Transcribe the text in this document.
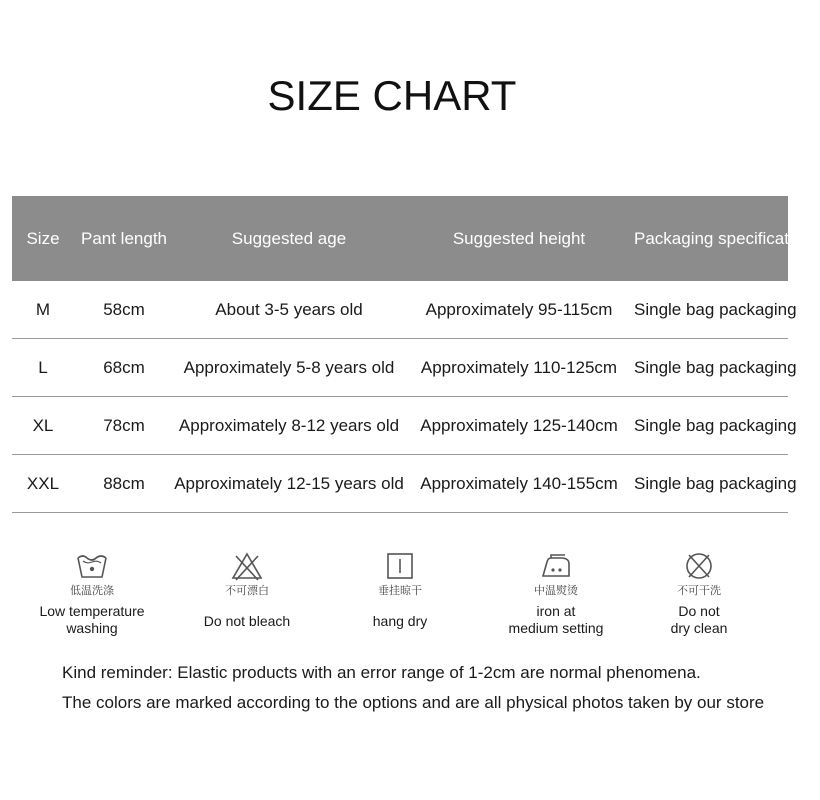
SIZE CHART
Size	Pant length	Suggested age	Suggested height	Packaging specifications
M	58cm	About 3-5 years old	Approximately 95-115cm	Single bag packaging
L	68cm	Approximately 5-8 years old	Approximately 110-125cm Single bag packaging
XL	78cm	Approximately 8-12 years old	Approximately 125-140cm Single bag packaging
XXL	88cm	Approximately 12-15 years old Approximately 140-155cm Single bag packaging
低温洗涤
Low temperature
washing
不可漂白
Do not bleach
垂挂晾干
hang dry
中温熨烫
iron at
medium setting
不可干洗
Do not
dry clean
Kind reminder: Elastic products with an error range of 1-2cm are normal phenomena.
The colors are marked according to the options and are all physical photos taken by our store
